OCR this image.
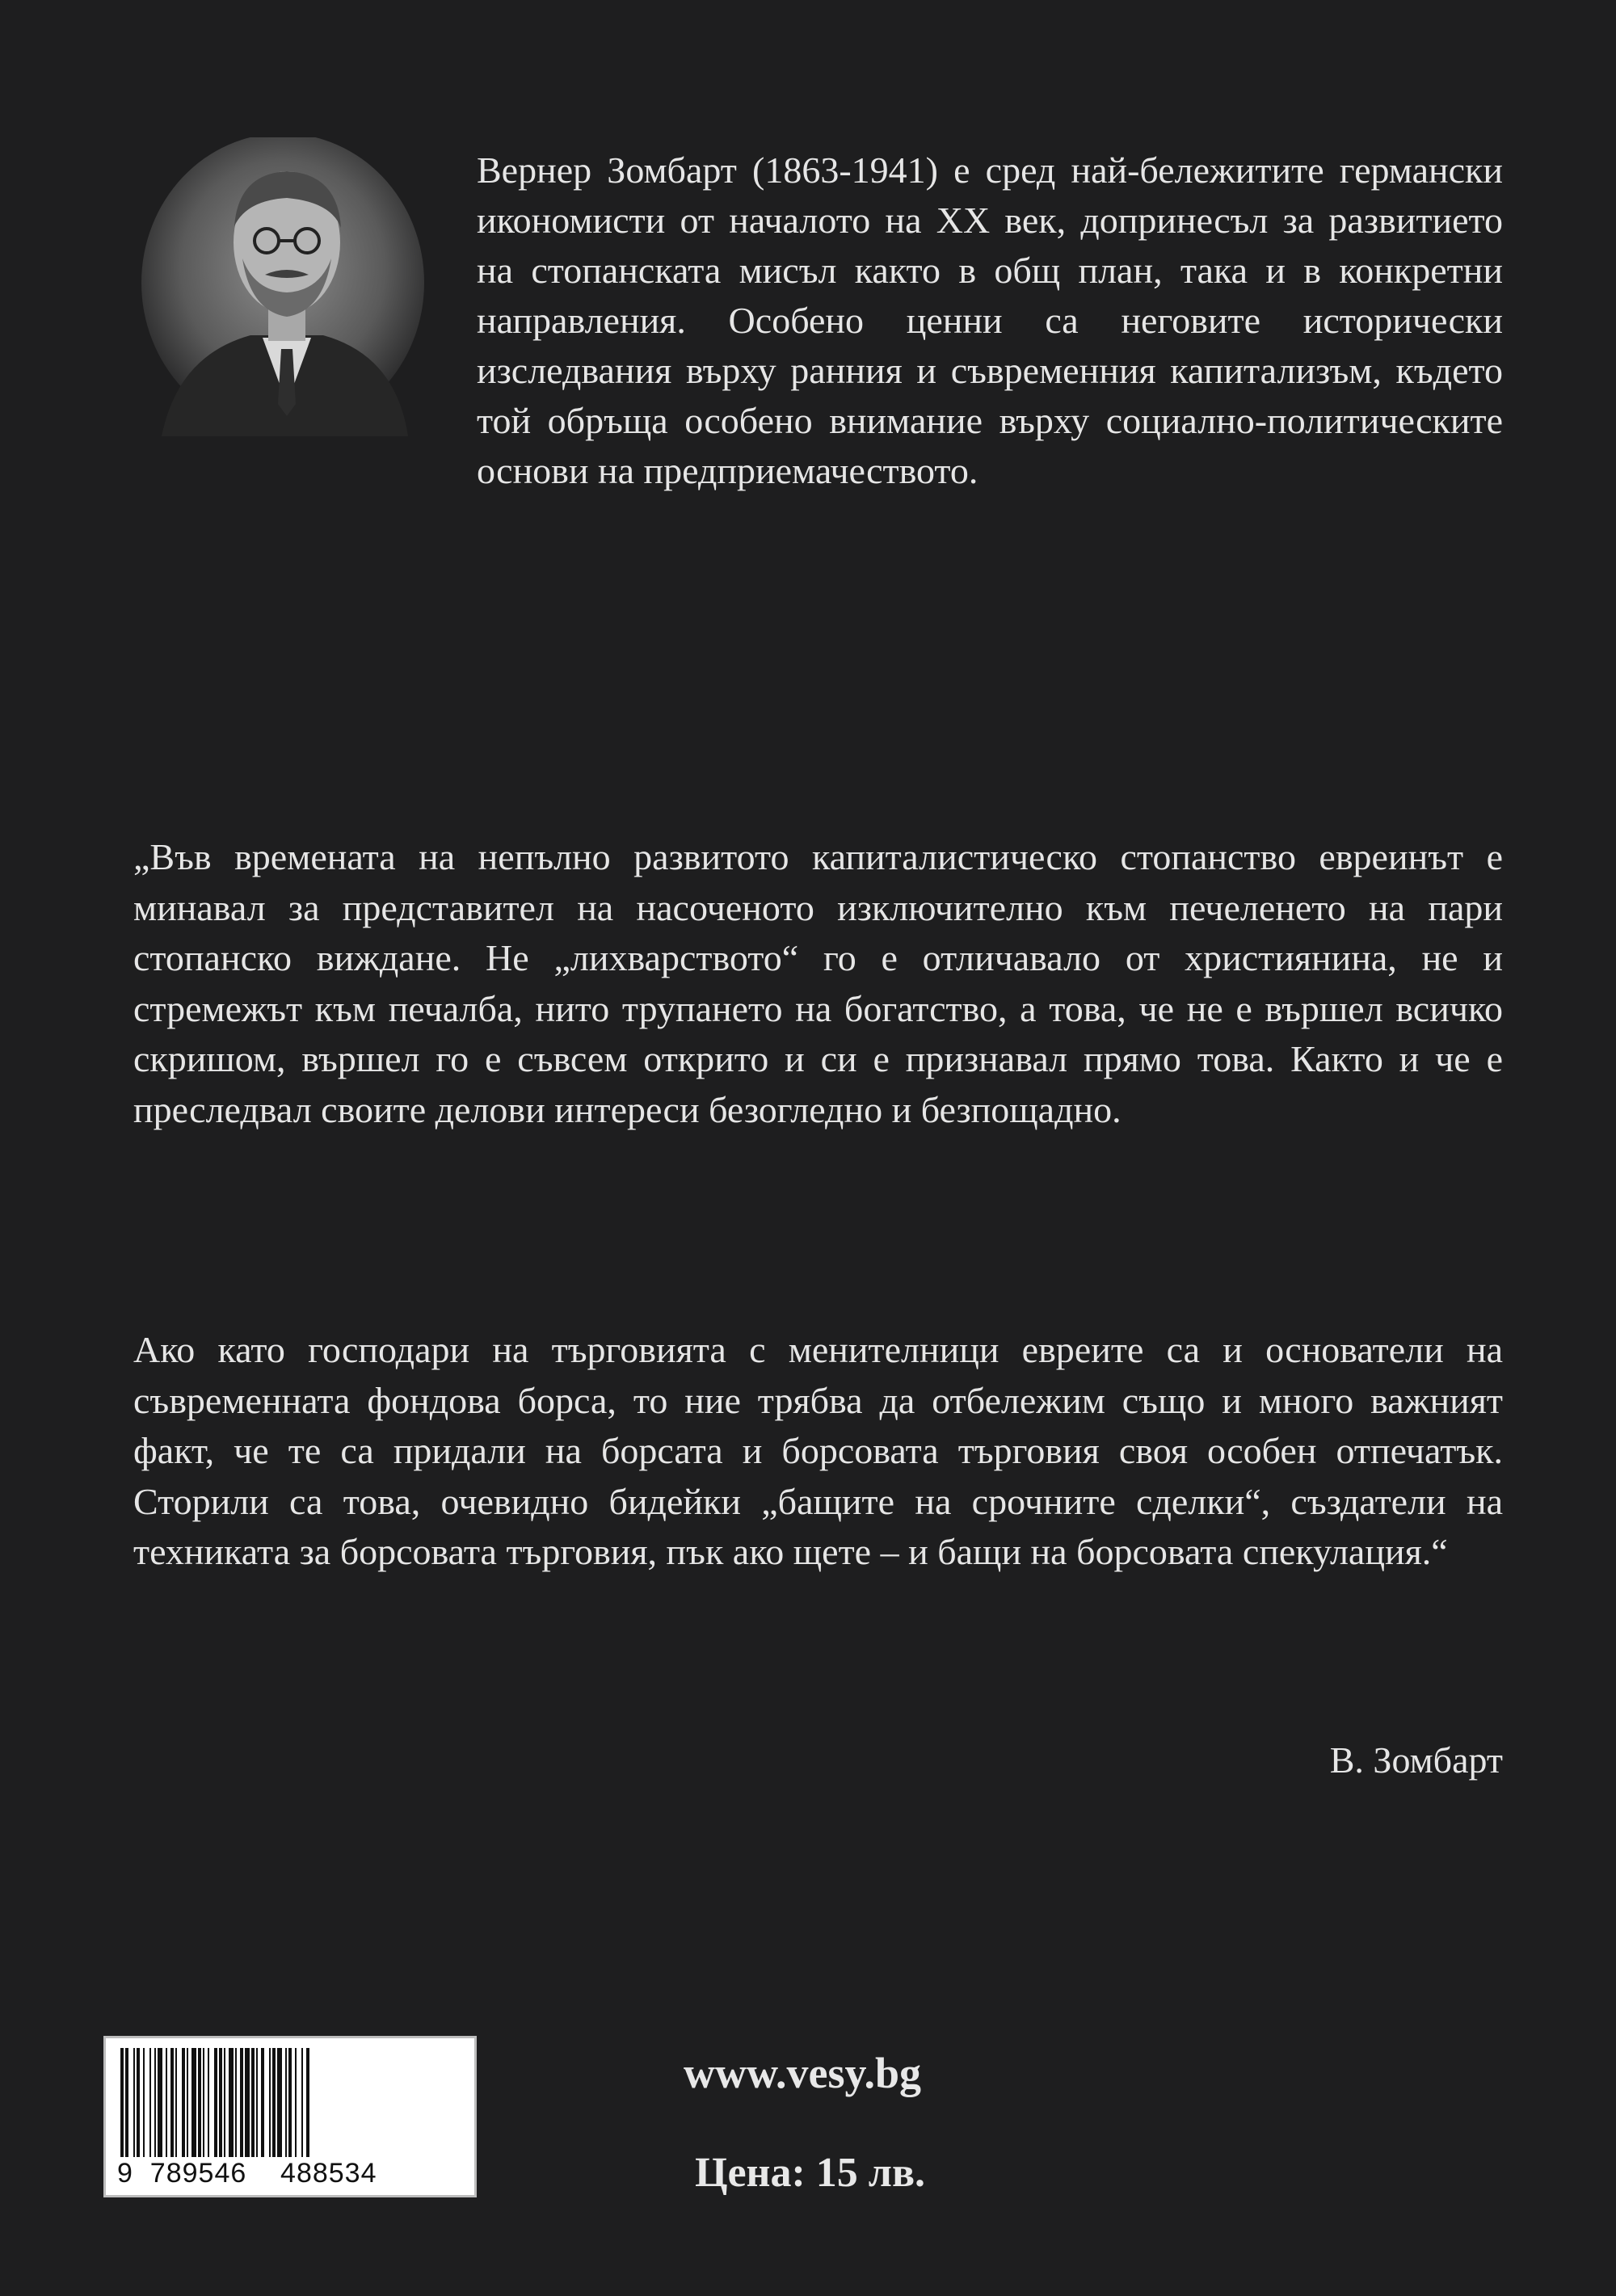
Вернер Зомбарт (1863-1941) е сред най-бележитите германски икономисти от началото на XX век, допринесъл за развитието на стопанската мисъл както в общ план, така и в конкретни направления. Особено ценни са неговите исторически изследвания върху ранния и съвременния капитализъм, където той обръща особено внимание върху социално-политическите основи на предприемачеството.
„Във времената на непълно развитото капиталистическо стопанство евреинът е минавал за представител на насоченото изключително към печеленето на пари стопанско виждане. Не „лихварството“ го е отличавало от християнина, не и стремежът към печалба, нито трупането на богатство, а това, че не е вършел всичко скришом, вършел го е съвсем открито и си е признавал прямо това. Както и че е преследвал своите делови интереси безогледно и безпощадно.
Ако като господари на търговията с менителници евреите са и основатели на съвременната фондова борса, то ние трябва да отбележим също и много важният факт, че те са придали на борсата и борсовата търговия своя особен отпечатък. Сторили са това, очевидно бидейки „бащите на срочните сделки“, създатели на техниката за борсовата търговия, пък ако щете – и бащи на борсовата спекулация.“
В. Зомбарт
9  789546    488534
www.vesy.bg
Цена: 15 лв.
